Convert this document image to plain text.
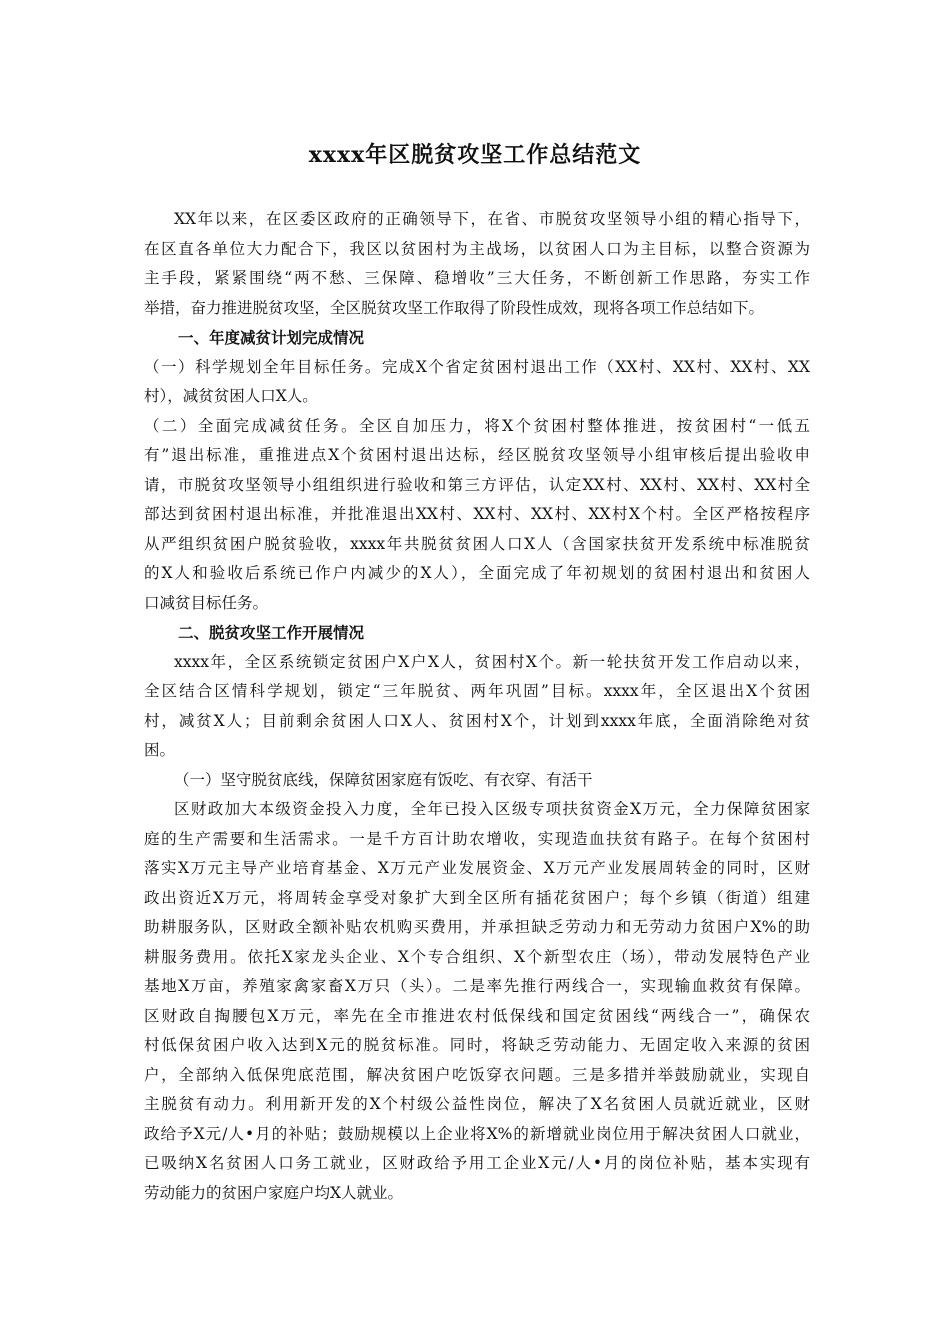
xxxx年区脱贫攻坚工作总结范文
XX年以来，在区委区政府的正确领导下，在省、市脱贫攻坚领导小组的精心指导下，
在区直各单位大力配合下，我区以贫困村为主战场，以贫困人口为主目标，以整合资源为
主手段，紧紧围绕“两不愁、三保障、稳增收”三大任务，不断创新工作思路，夯实工作
举措，奋力推进脱贫攻坚，全区脱贫攻坚工作取得了阶段性成效，现将各项工作总结如下。
一、年度减贫计划完成情况
（一）科学规划全年目标任务。完成X个省定贫困村退出工作（XX村、XX村、XX村、XX
村），减贫贫困人口X人。
（二）全面完成减贫任务。全区自加压力，将X个贫困村整体推进，按贫困村“一低五
有”退出标准，重推进点X个贫困村退出达标，经区脱贫攻坚领导小组审核后提出验收申
请，市脱贫攻坚领导小组组织进行验收和第三方评估，认定XX村、XX村、XX村、XX村全
部达到贫困村退出标准，并批准退出XX村、XX村、XX村、XX村X个村。全区严格按程序
从严组织贫困户脱贫验收，xxxx年共脱贫贫困人口X人（含国家扶贫开发系统中标准脱贫
的X人和验收后系统已作户内减少的X人），全面完成了年初规划的贫困村退出和贫困人
口减贫目标任务。
二、脱贫攻坚工作开展情况
xxxx年，全区系统锁定贫困户X户X人，贫困村X个。新一轮扶贫开发工作启动以来，
全区结合区情科学规划，锁定“三年脱贫、两年巩固”目标。xxxx年，全区退出X个贫困
村，减贫X人；目前剩余贫困人口X人、贫困村X个，计划到xxxx年底，全面消除绝对贫
困。
（一）坚守脱贫底线，保障贫困家庭有饭吃、有衣穿、有活干
区财政加大本级资金投入力度，全年已投入区级专项扶贫资金X万元，全力保障贫困家
庭的生产需要和生活需求。一是千方百计助农增收，实现造血扶贫有路子。在每个贫困村
落实X万元主导产业培育基金、X万元产业发展资金、X万元产业发展周转金的同时，区财
政出资近X万元，将周转金享受对象扩大到全区所有插花贫困户；每个乡镇（街道）组建
助耕服务队，区财政全额补贴农机购买费用，并承担缺乏劳动力和无劳动力贫困户X%的助
耕服务费用。依托X家龙头企业、X个专合组织、X个新型农庄（场），带动发展特色产业
基地X万亩，养殖家禽家畜X万只（头）。二是率先推行两线合一，实现输血救贫有保障。
区财政自掏腰包X万元，率先在全市推进农村低保线和国定贫困线“两线合一”，确保农
村低保贫困户收入达到X元的脱贫标准。同时，将缺乏劳动能力、无固定收入来源的贫困
户，全部纳入低保兜底范围，解决贫困户吃饭穿衣问题。三是多措并举鼓励就业，实现自
主脱贫有动力。利用新开发的X个村级公益性岗位，解决了X名贫困人员就近就业，区财
政给予X元/人•月的补贴；鼓励规模以上企业将X%的新增就业岗位用于解决贫困人口就业，
已吸纳X名贫困人口务工就业，区财政给予用工企业X元/人•月的岗位补贴，基本实现有
劳动能力的贫困户家庭户均X人就业。
